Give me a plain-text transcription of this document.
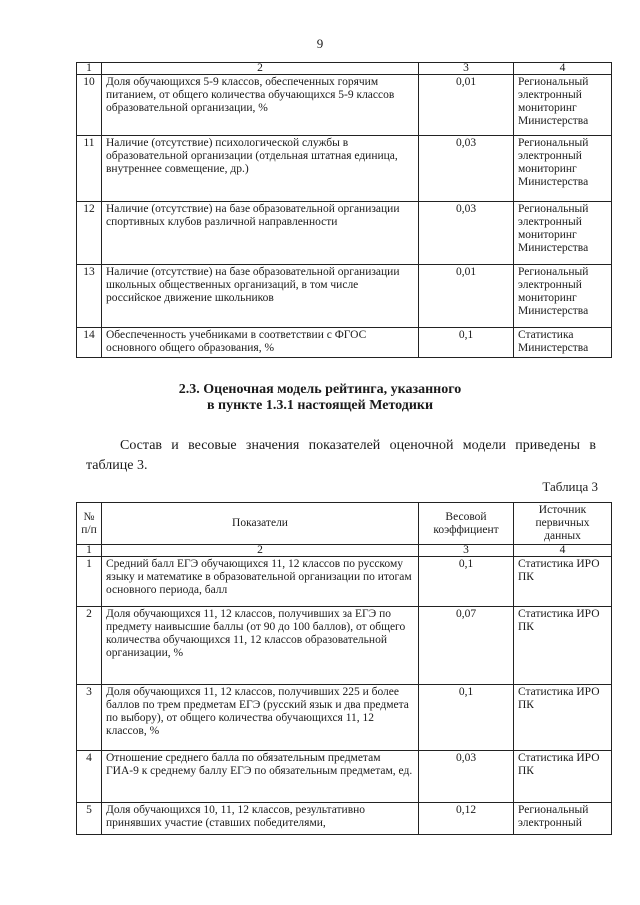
9
1	2	3	4
10	Доля обучающихся 5-9 классов, обеспеченных горячим питанием, от общего количества обучающихся 5-9 классов образовательной организации, %	0,01	Региональный
электронный
мониторинг
Министерства
11	Наличие (отсутствие) психологической службы в образовательной организации (отдельная штатная единица, внутреннее совмещение, др.)	0,03	Региональный
электронный
мониторинг
Министерства
12	Наличие (отсутствие) на базе образовательной организации спортивных клубов различной направленности	0,03	Региональный
электронный
мониторинг
Министерства
13	Наличие (отсутствие) на базе образовательной организации школьных общественных организаций, в том числе российское движение школьников	0,01	Региональный
электронный
мониторинг
Министерства
14	Обеспеченность учебниками в соответствии с ФГОС основного общего образования, %	0,1	Статистика
Министерства
2.3. Оценочная модель рейтинга, указанного
в пункте 1.3.1 настоящей Методики
Состав и весовые значения показателей оценочной модели приведены в таблице 3.
Таблица 3
№ п/п	Показатели	Весовой коэффициент	Источник первичных данных
1	2	3	4
1	Средний балл ЕГЭ обучающихся 11, 12 классов по русскому языку и математике в образовательной организации по итогам основного периода, балл	0,1	Статистика ИРО
ПК
2	Доля обучающихся 11, 12 классов, получивших за ЕГЭ по предмету наивысшие баллы (от 90 до 100 баллов), от общего количества обучающихся 11, 12 классов образовательной организации, %	0,07	Статистика ИРО
ПК
3	Доля обучающихся 11, 12 классов, получивших 225 и более баллов по трем предметам ЕГЭ (русский язык и два предмета по выбору), от общего количества обучающихся 11, 12 классов, %	0,1	Статистика ИРО
ПК
4	Отношение среднего балла по обязательным предметам ГИА-9 к среднему баллу ЕГЭ по обязательным предметам, ед.	0,03	Статистика ИРО
ПК
5	Доля обучающихся 10, 11, 12 классов, результативно принявших участие (ставших победителями,	0,12	Региональный
электронный
